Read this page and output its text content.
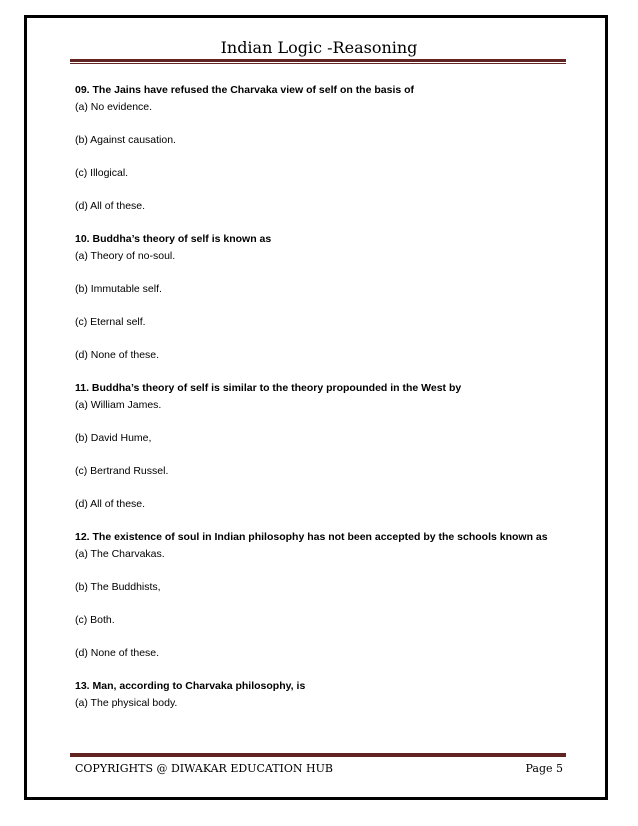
Indian Logic -Reasoning
09. The Jains have refused the Charvaka view of self on the basis of
(a) No evidence.
(b) Against causation.
(c) Illogical.
(d) All of these.
10. Buddha’s theory of self is known as
(a) Theory of no-soul.
(b) Immutable self.
(c) Eternal self.
(d) None of these.
11. Buddha’s theory of self is similar to the theory propounded in the West by
(a) William James.
(b) David Hume,
(c) Bertrand Russel.
(d) All of these.
12. The existence of soul in Indian philosophy has not been accepted by the schools known as
(a) The Charvakas.
(b) The Buddhists,
(c) Both.
(d) None of these.
13. Man, according to Charvaka philosophy, is
(a) The physical body.
COPYRIGHTS @ DIWAKAR EDUCATION HUB	Page 5
